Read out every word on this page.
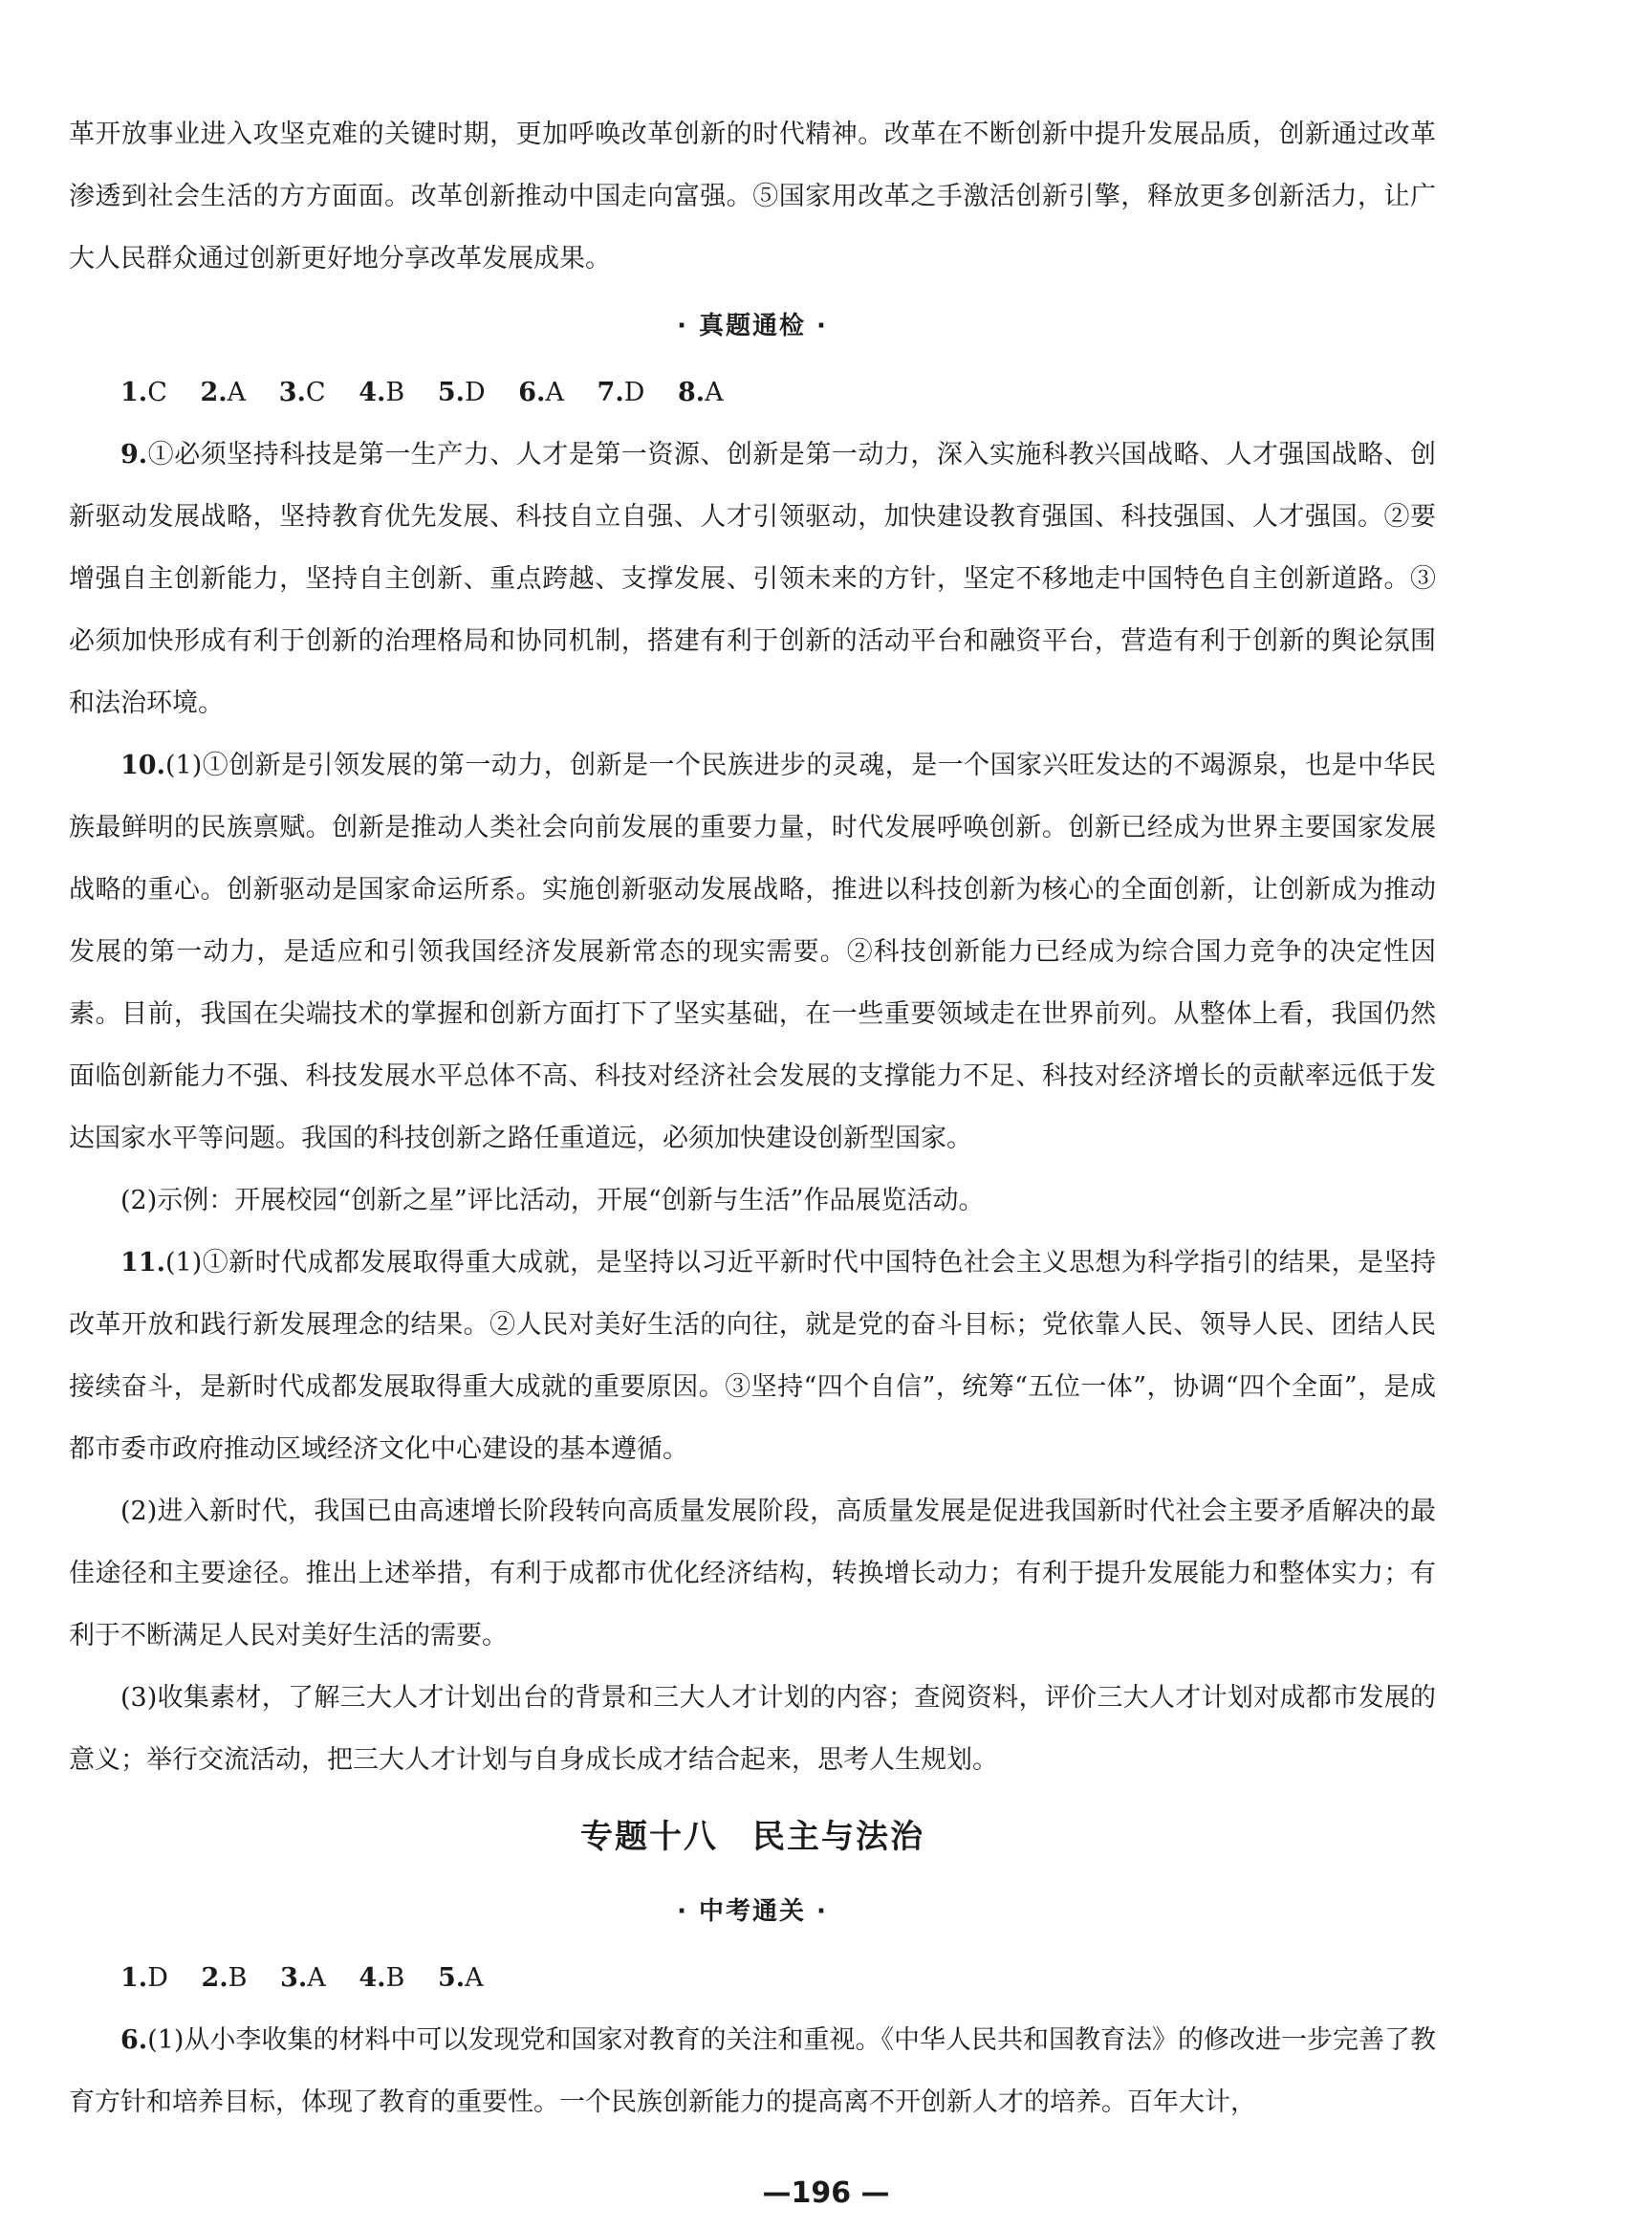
革开放事业进入攻坚克难的关键时期，更加呼唤改革创新的时代精神。改革在不断创新中提升发展品质，创新通过改革渗透到社会生活的方方面面。改革创新推动中国走向富强。⑤国家用改革之手激活创新引擎，释放更多创新活力，让广大人民群众通过创新更好地分享改革发展成果。

· 真题通检 ·

1.C 2.A 3.C 4.B 5.D 6.A 7.D 8.A

9.①必须坚持科技是第一生产力、人才是第一资源、创新是第一动力，深入实施科教兴国战略、人才强国战略、创新驱动发展战略，坚持教育优先发展、科技自立自强、人才引领驱动，加快建设教育强国、科技强国、人才强国。②要增强自主创新能力，坚持自主创新、重点跨越、支撑发展、引领未来的方针，坚定不移地走中国特色自主创新道路。③必须加快形成有利于创新的治理格局和协同机制，搭建有利于创新的活动平台和融资平台，营造有利于创新的舆论氛围和法治环境。

10.(1)①创新是引领发展的第一动力，创新是一个民族进步的灵魂，是一个国家兴旺发达的不竭源泉，也是中华民族最鲜明的民族禀赋。创新是推动人类社会向前发展的重要力量，时代发展呼唤创新。创新已经成为世界主要国家发展战略的重心。创新驱动是国家命运所系。实施创新驱动发展战略，推进以科技创新为核心的全面创新，让创新成为推动发展的第一动力，是适应和引领我国经济发展新常态的现实需要。②科技创新能力已经成为综合国力竞争的决定性因素。目前，我国在尖端技术的掌握和创新方面打下了坚实基础，在一些重要领域走在世界前列。从整体上看，我国仍然面临创新能力不强、科技发展水平总体不高、科技对经济社会发展的支撑能力不足、科技对经济增长的贡献率远低于发达国家水平等问题。我国的科技创新之路任重道远，必须加快建设创新型国家。

(2)示例：开展校园“创新之星”评比活动，开展“创新与生活”作品展览活动。

11.(1)①新时代成都发展取得重大成就，是坚持以习近平新时代中国特色社会主义思想为科学指引的结果，是坚持改革开放和践行新发展理念的结果。②人民对美好生活的向往，就是党的奋斗目标；党依靠人民、领导人民、团结人民接续奋斗，是新时代成都发展取得重大成就的重要原因。③坚持“四个自信”，统筹“五位一体”，协调“四个全面”，是成都市委市政府推动区域经济文化中心建设的基本遵循。

(2)进入新时代，我国已由高速增长阶段转向高质量发展阶段，高质量发展是促进我国新时代社会主要矛盾解决的最佳途径和主要途径。推出上述举措，有利于成都市优化经济结构，转换增长动力；有利于提升发展能力和整体实力；有利于不断满足人民对美好生活的需要。

(3)收集素材，了解三大人才计划出台的背景和三大人才计划的内容；查阅资料，评价三大人才计划对成都市发展的意义；举行交流活动，把三大人才计划与自身成长成才结合起来，思考人生规划。

专题十八　民主与法治
· 中考通关 ·

1.D 2.B 3.A 4.B 5.A

6.(1)从小李收集的材料中可以发现党和国家对教育的关注和重视。《中华人民共和国教育法》的修改进一步完善了教育方针和培养目标，体现了教育的重要性。一个民族创新能力的提高离不开创新人才的培养。百年大计，

—196 —
